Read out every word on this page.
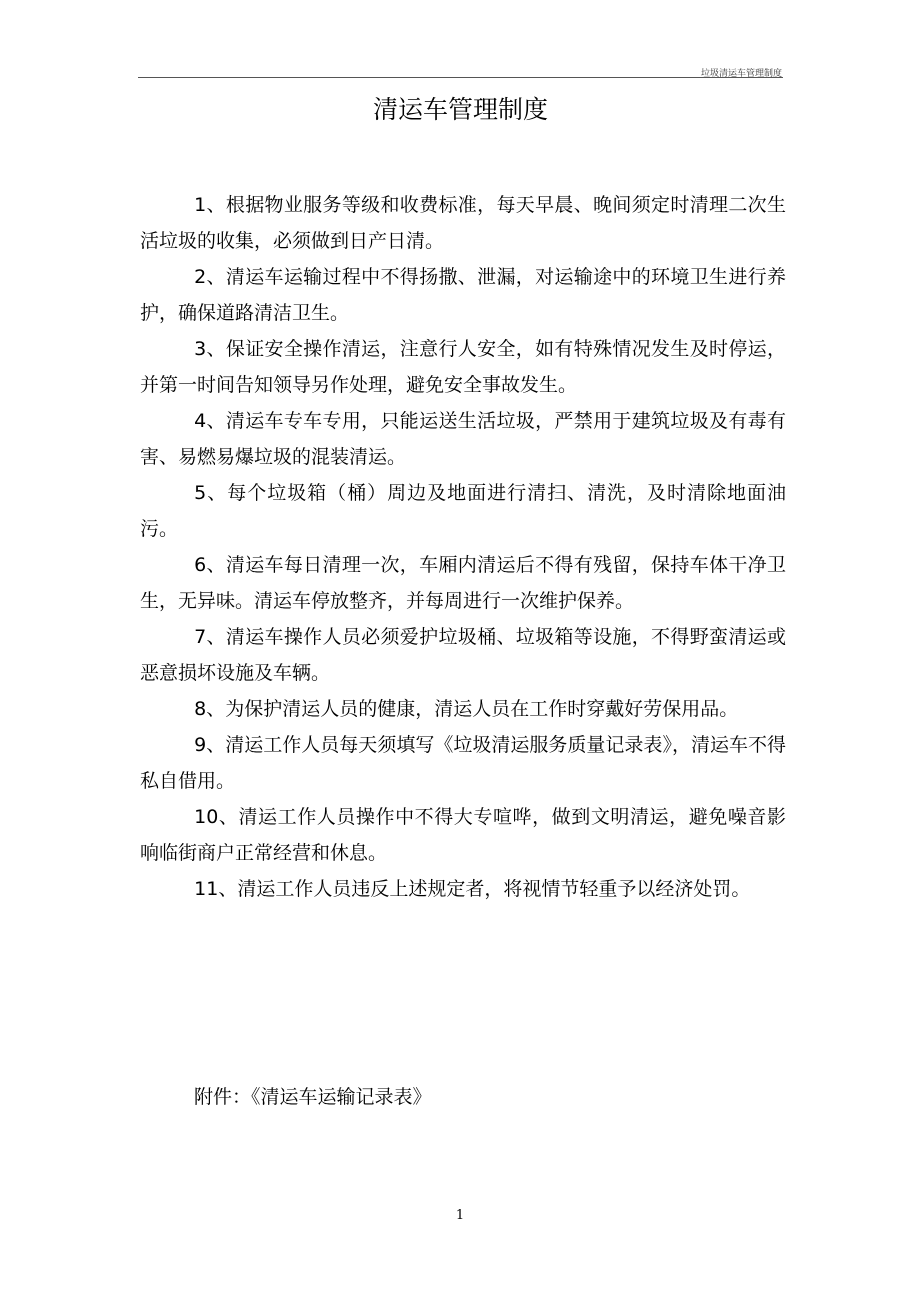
垃圾清运车管理制度
清运车管理制度

1、根据物业服务等级和收费标准，每天早晨、晚间须定时清理二次生活垃圾的收集，必须做到日产日清。

2、清运车运输过程中不得扬撒、泄漏，对运输途中的环境卫生进行养护，确保道路清洁卫生。

3、保证安全操作清运，注意行人安全，如有特殊情况发生及时停运，并第一时间告知领导另作处理，避免安全事故发生。

4、清运车专车专用，只能运送生活垃圾，严禁用于建筑垃圾及有毒有害、易燃易爆垃圾的混装清运。

5、每个垃圾箱（桶）周边及地面进行清扫、清洗，及时清除地面油污。

6、清运车每日清理一次，车厢内清运后不得有残留，保持车体干净卫生，无异味。清运车停放整齐，并每周进行一次维护保养。

7、清运车操作人员必须爱护垃圾桶、垃圾箱等设施，不得野蛮清运或恶意损坏设施及车辆。

8、为保护清运人员的健康，清运人员在工作时穿戴好劳保用品。

9、清运工作人员每天须填写《垃圾清运服务质量记录表》，清运车不得私自借用。

10、清运工作人员操作中不得大专喧哗，做到文明清运，避免噪音影响临街商户正常经营和休息。

11、清运工作人员违反上述规定者，将视情节轻重予以经济处罚。

附件：《清运车运输记录表》
1
